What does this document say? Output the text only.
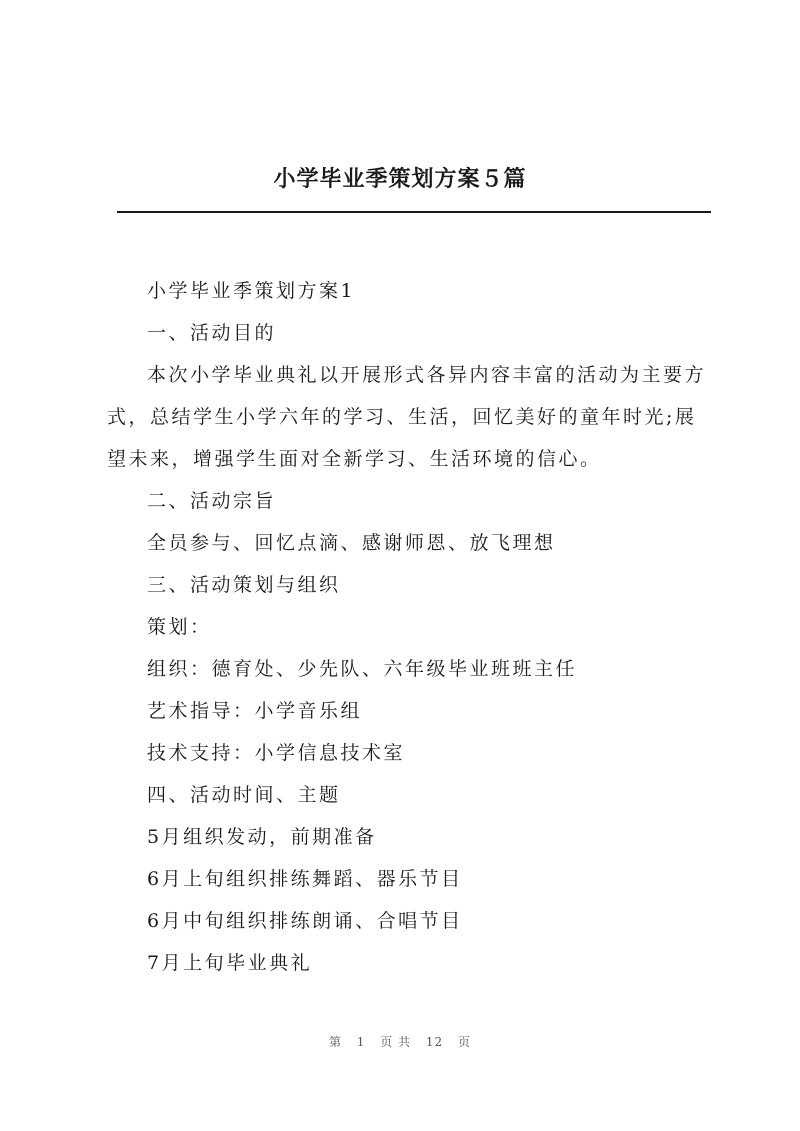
小学毕业季策划方案５篇

小学毕业季策划方案1

一、活动目的

本次小学毕业典礼以开展形式各异内容丰富的活动为主要方式，总结学生小学六年的学习、生活，回忆美好的童年时光;展望未来，增强学生面对全新学习、生活环境的信心。

二、活动宗旨

全员参与、回忆点滴、感谢师恩、放飞理想

三、活动策划与组织

策划：

组织：德育处、少先队、六年级毕业班班主任

艺术指导：小学音乐组

技术支持：小学信息技术室

四、活动时间、主题

5月组织发动，前期准备

6月上旬组织排练舞蹈、器乐节目

6月中旬组织排练朗诵、合唱节目

7月上旬毕业典礼

第 1 页 共 12 页
